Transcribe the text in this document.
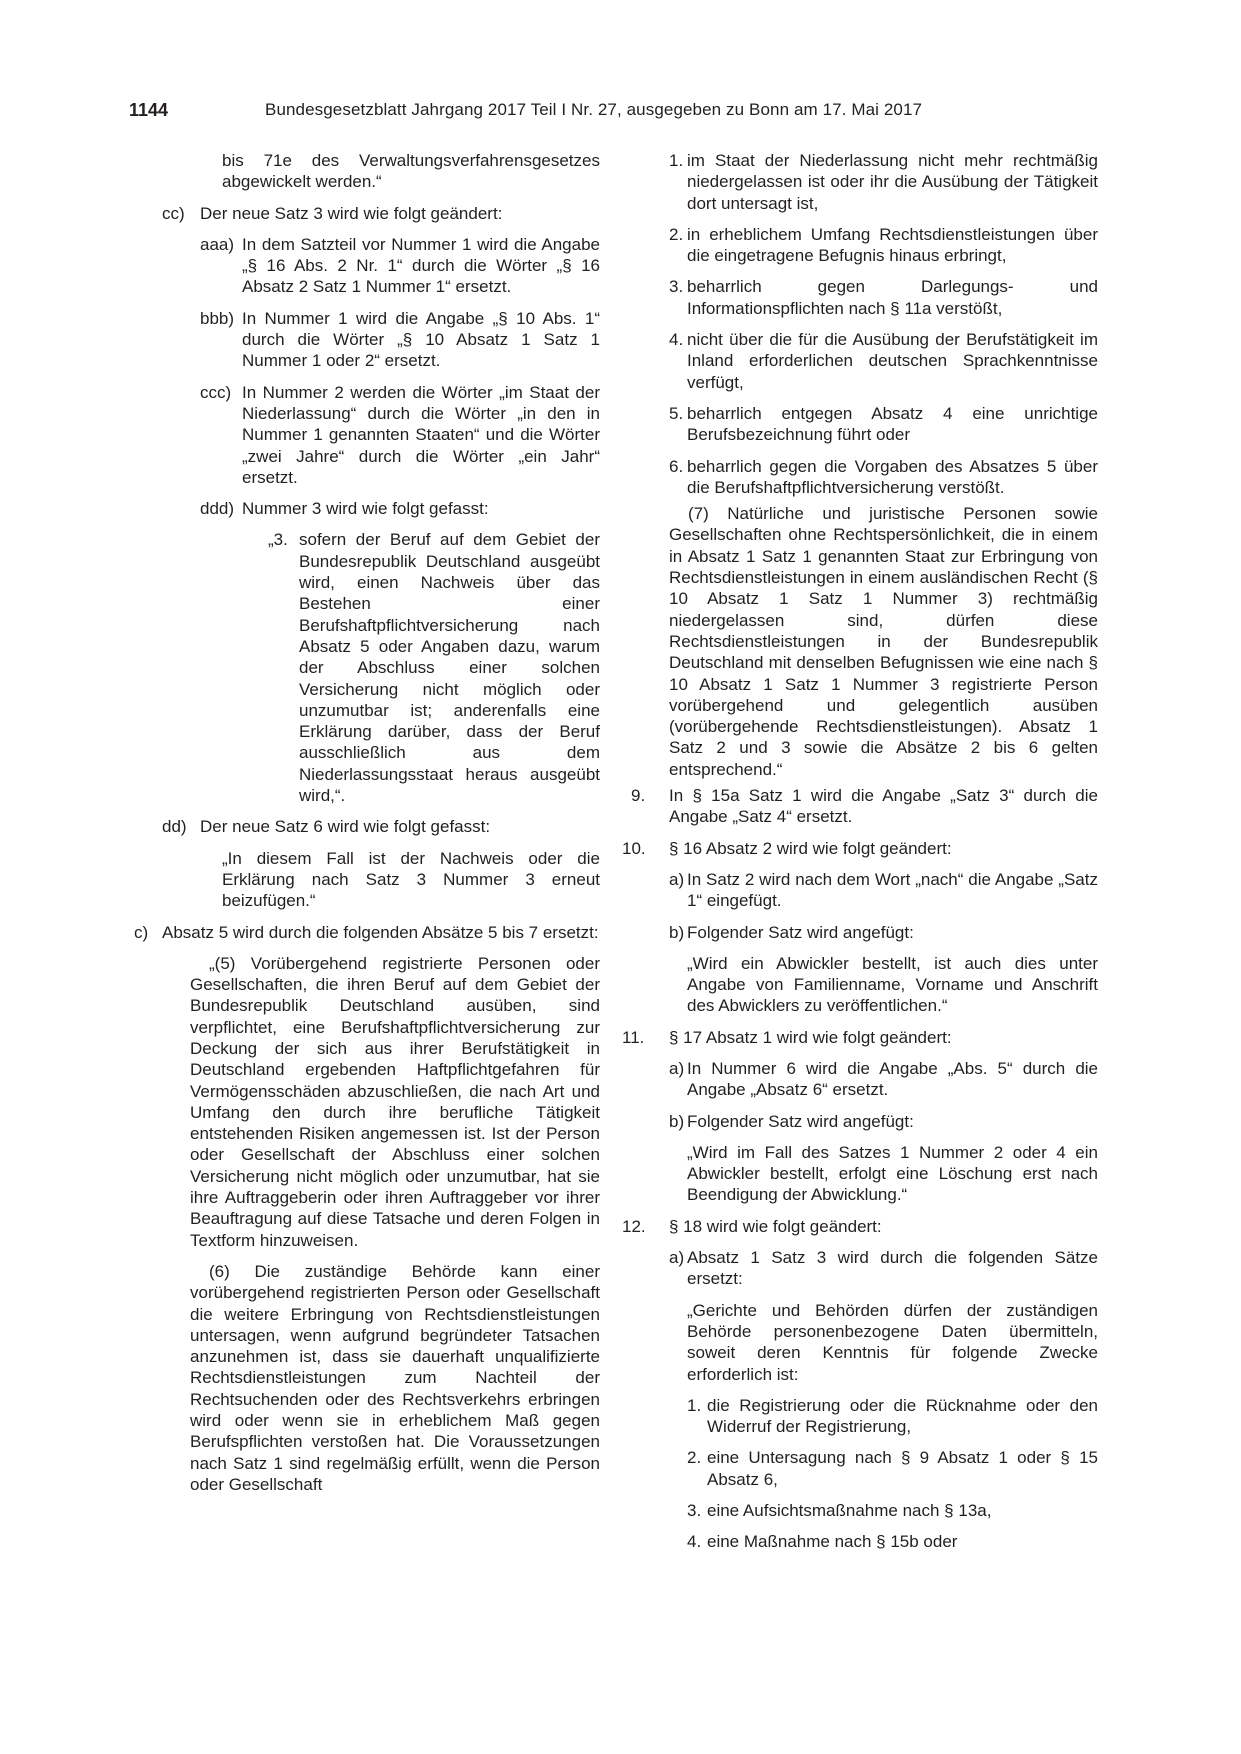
1144	Bundesgesetzblatt Jahrgang 2017 Teil I Nr. 27, ausgegeben zu Bonn am 17. Mai 2017
bis 71e des Verwaltungsverfahrensgesetzes abgewickelt werden.“
cc) Der neue Satz 3 wird wie folgt geändert:
aaa) In dem Satzteil vor Nummer 1 wird die Angabe „§ 16 Abs. 2 Nr. 1“ durch die Wörter „§ 16 Absatz 2 Satz 1 Nummer 1“ ersetzt.
bbb) In Nummer 1 wird die Angabe „§ 10 Abs. 1“ durch die Wörter „§ 10 Absatz 1 Satz 1 Nummer 1 oder 2“ ersetzt.
ccc) In Nummer 2 werden die Wörter „im Staat der Niederlassung“ durch die Wörter „in den in Nummer 1 genannten Staaten“ und die Wörter „zwei Jahre“ durch die Wörter „ein Jahr“ ersetzt.
ddd) Nummer 3 wird wie folgt gefasst:
„3. sofern der Beruf auf dem Gebiet der Bundesrepublik Deutschland ausgeübt wird, einen Nachweis über das Bestehen einer Berufshaftpflichtversicherung nach Absatz 5 oder Angaben dazu, warum der Abschluss einer solchen Versicherung nicht möglich oder unzumutbar ist; anderenfalls eine Erklärung darüber, dass der Beruf ausschließlich aus dem Niederlassungsstaat heraus ausgeübt wird,“.
dd) Der neue Satz 6 wird wie folgt gefasst:
„In diesem Fall ist der Nachweis oder die Erklärung nach Satz 3 Nummer 3 erneut beizufügen.“
c) Absatz 5 wird durch die folgenden Absätze 5 bis 7 ersetzt:
„(5) Vorübergehend registrierte Personen oder Gesellschaften, die ihren Beruf auf dem Gebiet der Bundesrepublik Deutschland ausüben, sind verpflichtet, eine Berufshaftpflichtversicherung zur Deckung der sich aus ihrer Berufstätigkeit in Deutschland ergebenden Haftpflichtgefahren für Vermögensschäden abzuschließen, die nach Art und Umfang den durch ihre berufliche Tätigkeit entstehenden Risiken angemessen ist. Ist der Person oder Gesellschaft der Abschluss einer solchen Versicherung nicht möglich oder unzumutbar, hat sie ihre Auftraggeberin oder ihren Auftraggeber vor ihrer Beauftragung auf diese Tatsache und deren Folgen in Textform hinzuweisen.
(6) Die zuständige Behörde kann einer vorübergehend registrierten Person oder Gesellschaft die weitere Erbringung von Rechtsdienstleistungen untersagen, wenn aufgrund begründeter Tatsachen anzunehmen ist, dass sie dauerhaft unqualifizierte Rechtsdienstleistungen zum Nachteil der Rechtsuchenden oder des Rechtsverkehrs erbringen wird oder wenn sie in erheblichem Maß gegen Berufspflichten verstoßen hat. Die Voraussetzungen nach Satz 1 sind regelmäßig erfüllt, wenn die Person oder Gesellschaft
1. im Staat der Niederlassung nicht mehr rechtmäßig niedergelassen ist oder ihr die Ausübung der Tätigkeit dort untersagt ist,
2. in erheblichem Umfang Rechtsdienstleistungen über die eingetragene Befugnis hinaus erbringt,
3. beharrlich gegen Darlegungs- und Informationspflichten nach § 11a verstößt,
4. nicht über die für die Ausübung der Berufstätigkeit im Inland erforderlichen deutschen Sprachkenntnisse verfügt,
5. beharrlich entgegen Absatz 4 eine unrichtige Berufsbezeichnung führt oder
6. beharrlich gegen die Vorgaben des Absatzes 5 über die Berufshaftpflichtversicherung verstößt.
(7) Natürliche und juristische Personen sowie Gesellschaften ohne Rechtspersönlichkeit, die in einem in Absatz 1 Satz 1 genannten Staat zur Erbringung von Rechtsdienstleistungen in einem ausländischen Recht (§ 10 Absatz 1 Satz 1 Nummer 3) rechtmäßig niedergelassen sind, dürfen diese Rechtsdienstleistungen in der Bundesrepublik Deutschland mit denselben Befugnissen wie eine nach § 10 Absatz 1 Satz 1 Nummer 3 registrierte Person vorübergehend und gelegentlich ausüben (vorübergehende Rechtsdienstleistungen). Absatz 1 Satz 2 und 3 sowie die Absätze 2 bis 6 gelten entsprechend.“
9. In § 15a Satz 1 wird die Angabe „Satz 3“ durch die Angabe „Satz 4“ ersetzt.
10. § 16 Absatz 2 wird wie folgt geändert:
a) In Satz 2 wird nach dem Wort „nach“ die Angabe „Satz 1“ eingefügt.
b) Folgender Satz wird angefügt:
„Wird ein Abwickler bestellt, ist auch dies unter Angabe von Familienname, Vorname und Anschrift des Abwicklers zu veröffentlichen.“
11. § 17 Absatz 1 wird wie folgt geändert:
a) In Nummer 6 wird die Angabe „Abs. 5“ durch die Angabe „Absatz 6“ ersetzt.
b) Folgender Satz wird angefügt:
„Wird im Fall des Satzes 1 Nummer 2 oder 4 ein Abwickler bestellt, erfolgt eine Löschung erst nach Beendigung der Abwicklung.“
12. § 18 wird wie folgt geändert:
a) Absatz 1 Satz 3 wird durch die folgenden Sätze ersetzt:
„Gerichte und Behörden dürfen der zuständigen Behörde personenbezogene Daten übermitteln, soweit deren Kenntnis für folgende Zwecke erforderlich ist:
1. die Registrierung oder die Rücknahme oder den Widerruf der Registrierung,
2. eine Untersagung nach § 9 Absatz 1 oder § 15 Absatz 6,
3. eine Aufsichtsmaßnahme nach § 13a,
4. eine Maßnahme nach § 15b oder
